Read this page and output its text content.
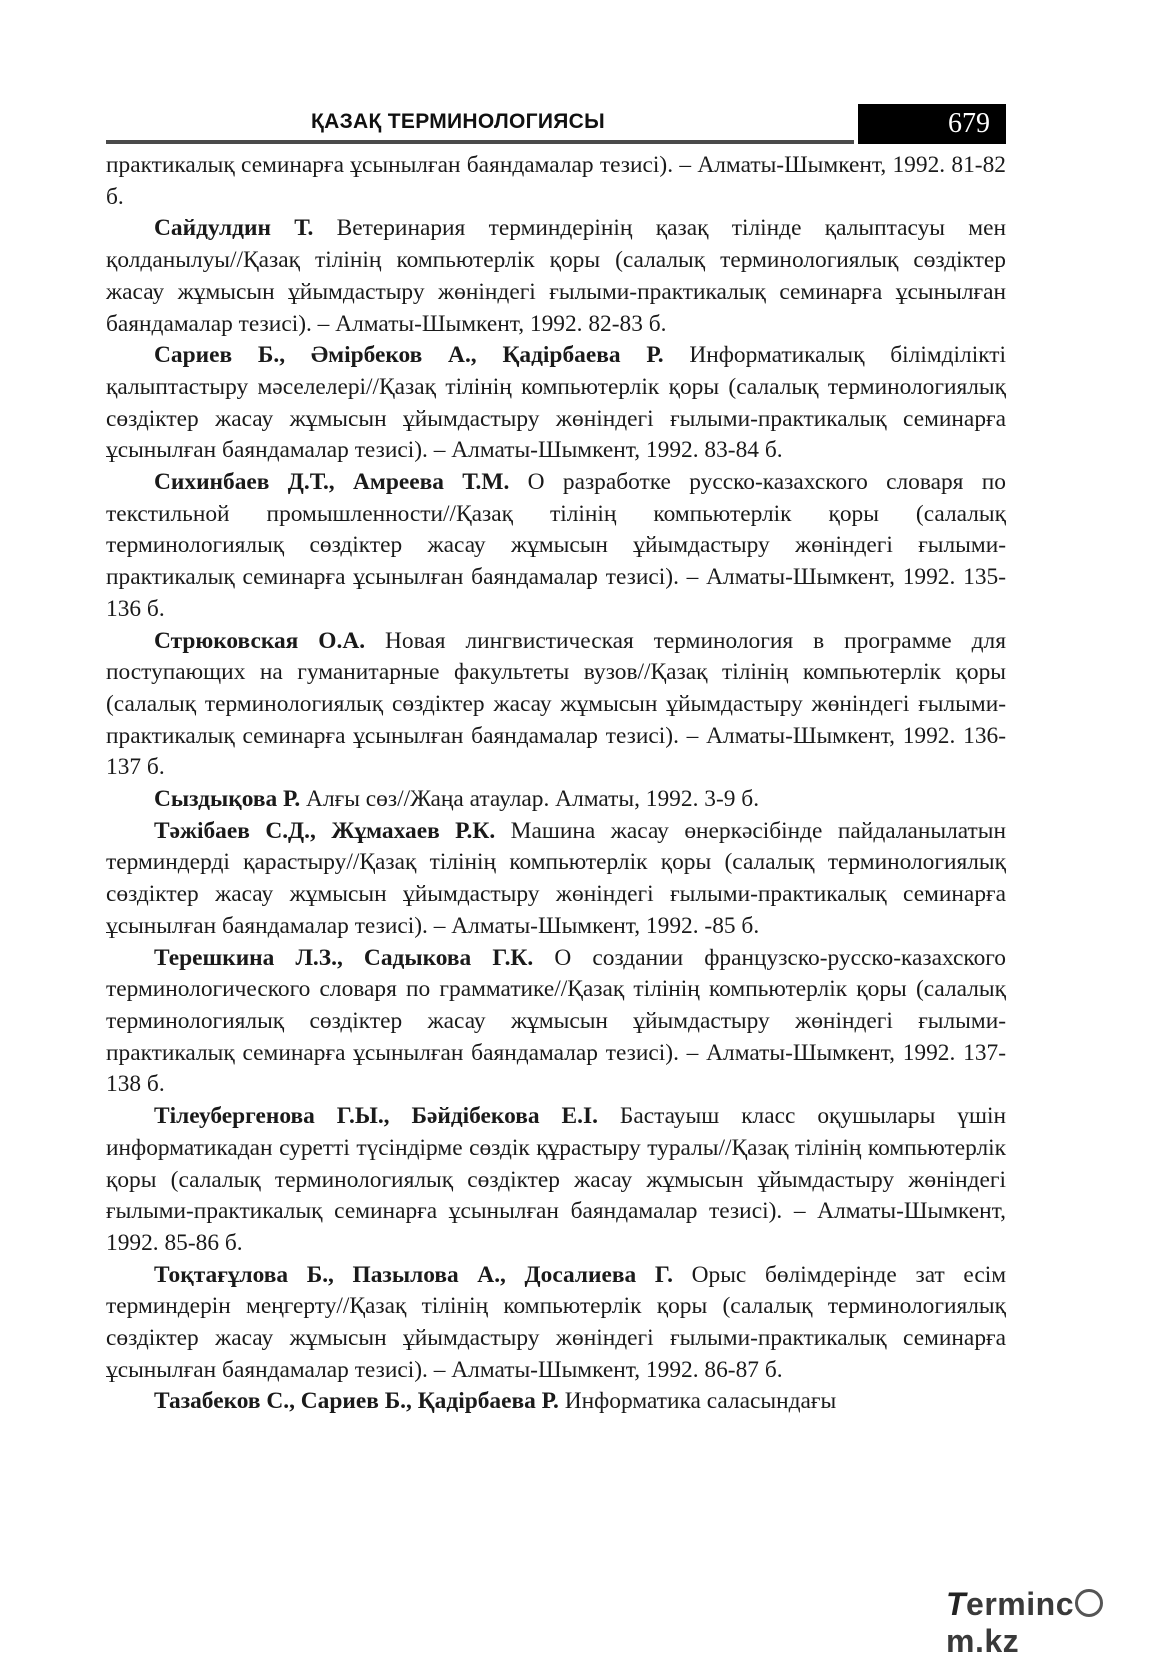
ҚАЗАҚ ТЕРМИНОЛОГИЯСЫ	679

практикалық семинарға ұсынылған баяндамалар тезисі). – Алматы-Шымкент, 1992. 81-82 б.

Сайдулдин Т. Ветеринария терминдерінің қазақ тілінде қалыптасуы мен қолданылуы//Қазақ тілінің компьютерлік қоры (салалық терминологиялық сөздіктер жасау жұмысын ұйымдастыру жөніндегі ғылыми-практикалық семинарға ұсынылған баяндамалар тезисі). – Алматы-Шымкент, 1992. 82-83 б.

Сариев Б., Әмірбеков А., Қадірбаева Р. Информатикалық білімділікті қалыптастыру мәселелері//Қазақ тілінің компьютерлік қоры (салалық терминологиялық сөздіктер жасау жұмысын ұйымдастыру жөніндегі ғылыми-практикалық семинарға ұсынылған баяндамалар тезисі). – Алматы-Шымкент, 1992. 83-84 б.

Сихинбаев Д.Т., Амреева Т.М. О разработке русско-казахского словаря по текстильной промышленности//Қазақ тілінің компьютерлік қоры (салалық терминологиялық сөздіктер жасау жұмысын ұйымдастыру жөніндегі ғылыми-практикалық семинарға ұсынылған баяндамалар тезисі). – Алматы-Шымкент, 1992. 135-136 б.

Стрюковская О.А. Новая лингвистическая терминология в программе для поступающих на гуманитарные факультеты вузов//Қазақ тілінің компьютерлік қоры (салалық терминологиялық сөздіктер жасау жұмысын ұйымдастыру жөніндегі ғылыми-практикалық семинарға ұсынылған баяндамалар тезисі). – Алматы-Шымкент, 1992. 136-137 б.

Сыздықова Р. Алғы сөз//Жаңа атаулар. Алматы, 1992. 3-9 б.

Тәжібаев С.Д., Жұмахаев Р.К. Машина жасау өнеркәсібінде пайдаланылатын терминдерді қарастыру//Қазақ тілінің компьютерлік қоры (салалық терминологиялық сөздіктер жасау жұмысын ұйымдастыру жөніндегі ғылыми-практикалық семинарға ұсынылған баяндамалар тезисі). – Алматы-Шымкент, 1992. -85 б.

Терешкина Л.З., Садыкова Г.К. О создании французско-русско-казахского терминологического словаря по грамматике//Қазақ тілінің компьютерлік қоры (салалық терминологиялық сөздіктер жасау жұмысын ұйымдастыру жөніндегі ғылыми-практикалық семинарға ұсынылған баяндамалар тезисі). – Алматы-Шымкент, 1992. 137-138 б.

Тілеубергенова Г.Ы., Бәйдібекова Е.І. Бастауыш класс оқушылары үшін информатикадан суретті түсіндірме сөздік құрастыру туралы//Қазақ тілінің компьютерлік қоры (салалық терминологиялық сөздіктер жасау жұмысын ұйымдастыру жөніндегі ғылыми-практикалық семинарға ұсынылған баяндамалар тезисі). – Алматы-Шымкент, 1992. 85-86 б.

Тоқтағұлова Б., Пазылова А., Досалиева Г. Орыс бөлімдерінде зат есім терминдерін меңгерту//Қазақ тілінің компьютерлік қоры (салалық терминологиялық сөздіктер жасау жұмысын ұйымдастыру жөніндегі ғылыми-практикалық семинарға ұсынылған баяндамалар тезисі). – Алматы-Шымкент, 1992. 86-87 б.

Тазабеков С., Сариев Б., Қадірбаева Р. Информатика саласындағы

Termincm.kz
